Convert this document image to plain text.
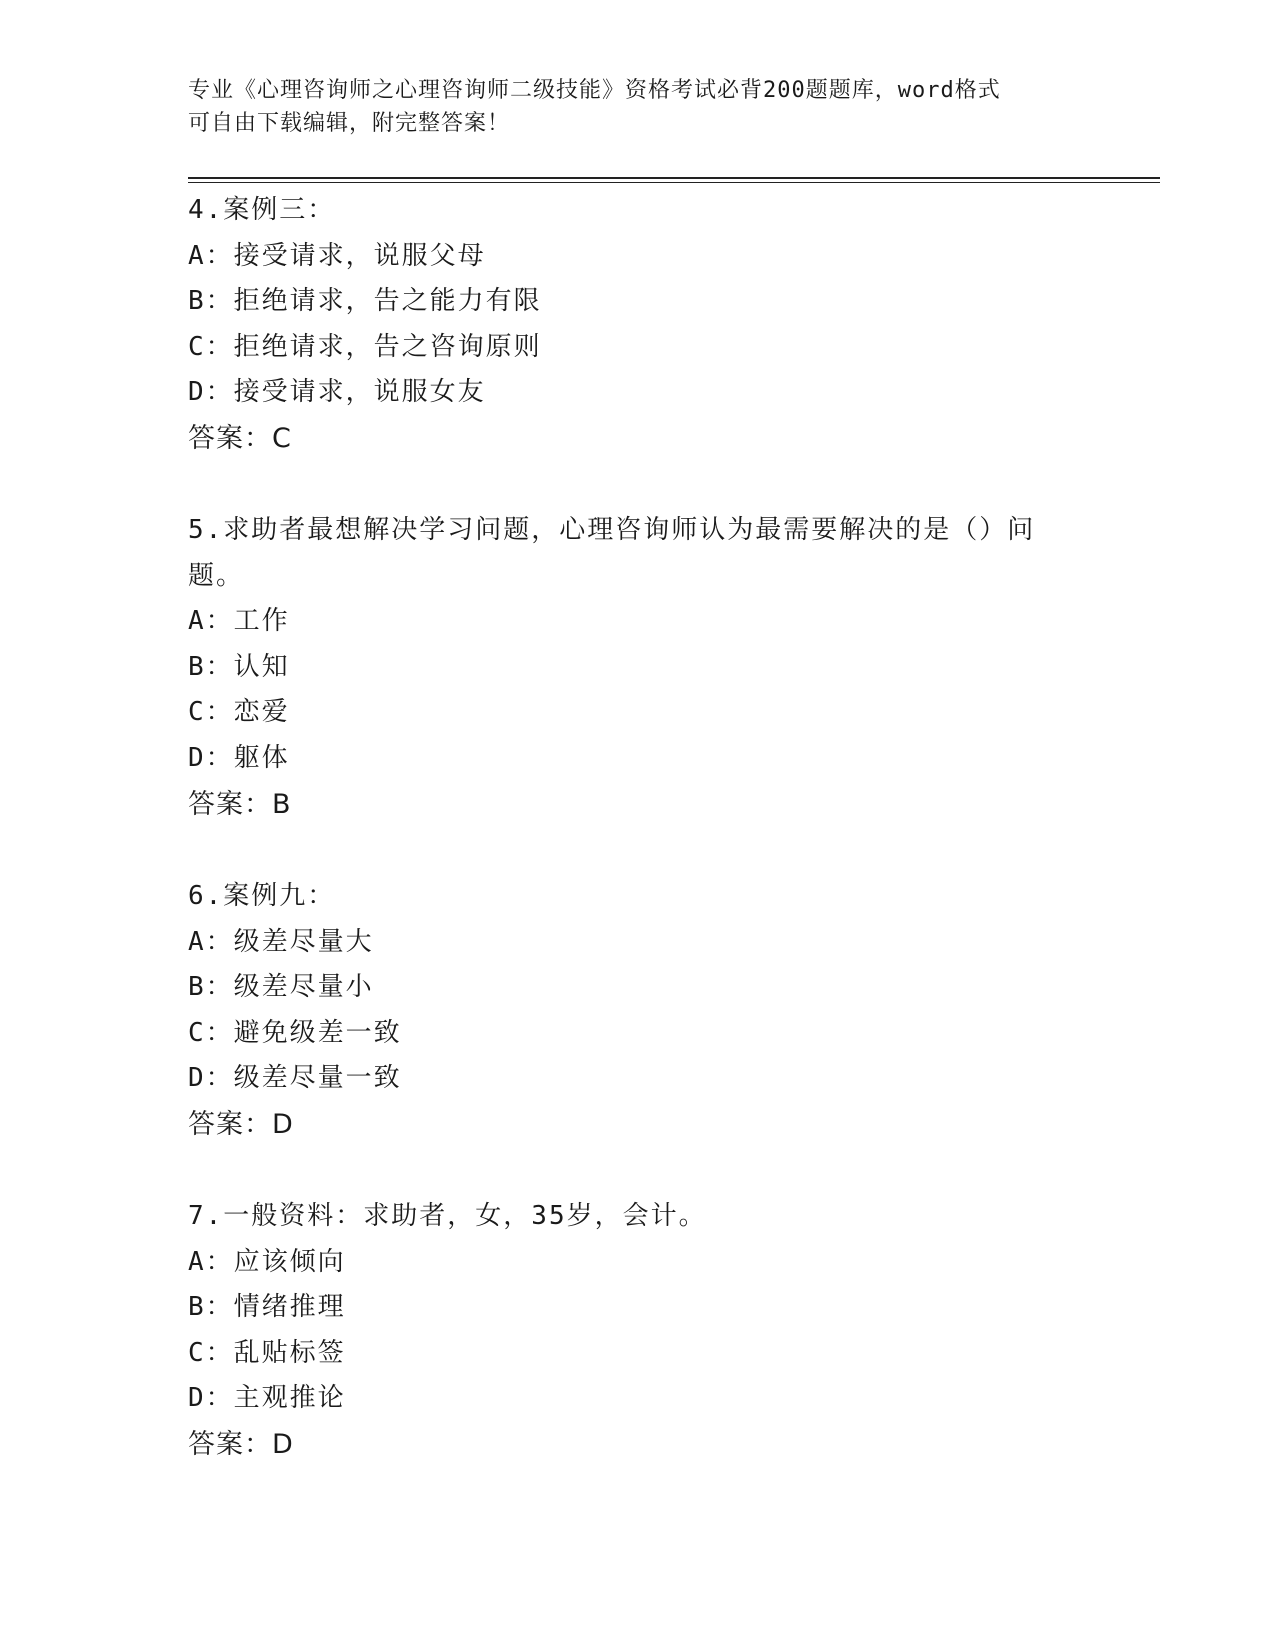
专业《心理咨询师之心理咨询师二级技能》资格考试必背200题题库，word格式
可自由下载编辑，附完整答案！
4.案例三：
A：接受请求，说服父母
B：拒绝请求，告之能力有限
C：拒绝请求，告之咨询原则
D：接受请求，说服女友
答案：C
5.求助者最想解决学习问题，心理咨询师认为最需要解决的是（）问题。
A：工作
B：认知
C：恋爱
D：躯体
答案：B
6.案例九：
A：级差尽量大
B：级差尽量小
C：避免级差一致
D：级差尽量一致
答案：D
7.一般资料：求助者，女，35岁，会计。
A：应该倾向
B：情绪推理
C：乱贴标签
D：主观推论
答案：D
